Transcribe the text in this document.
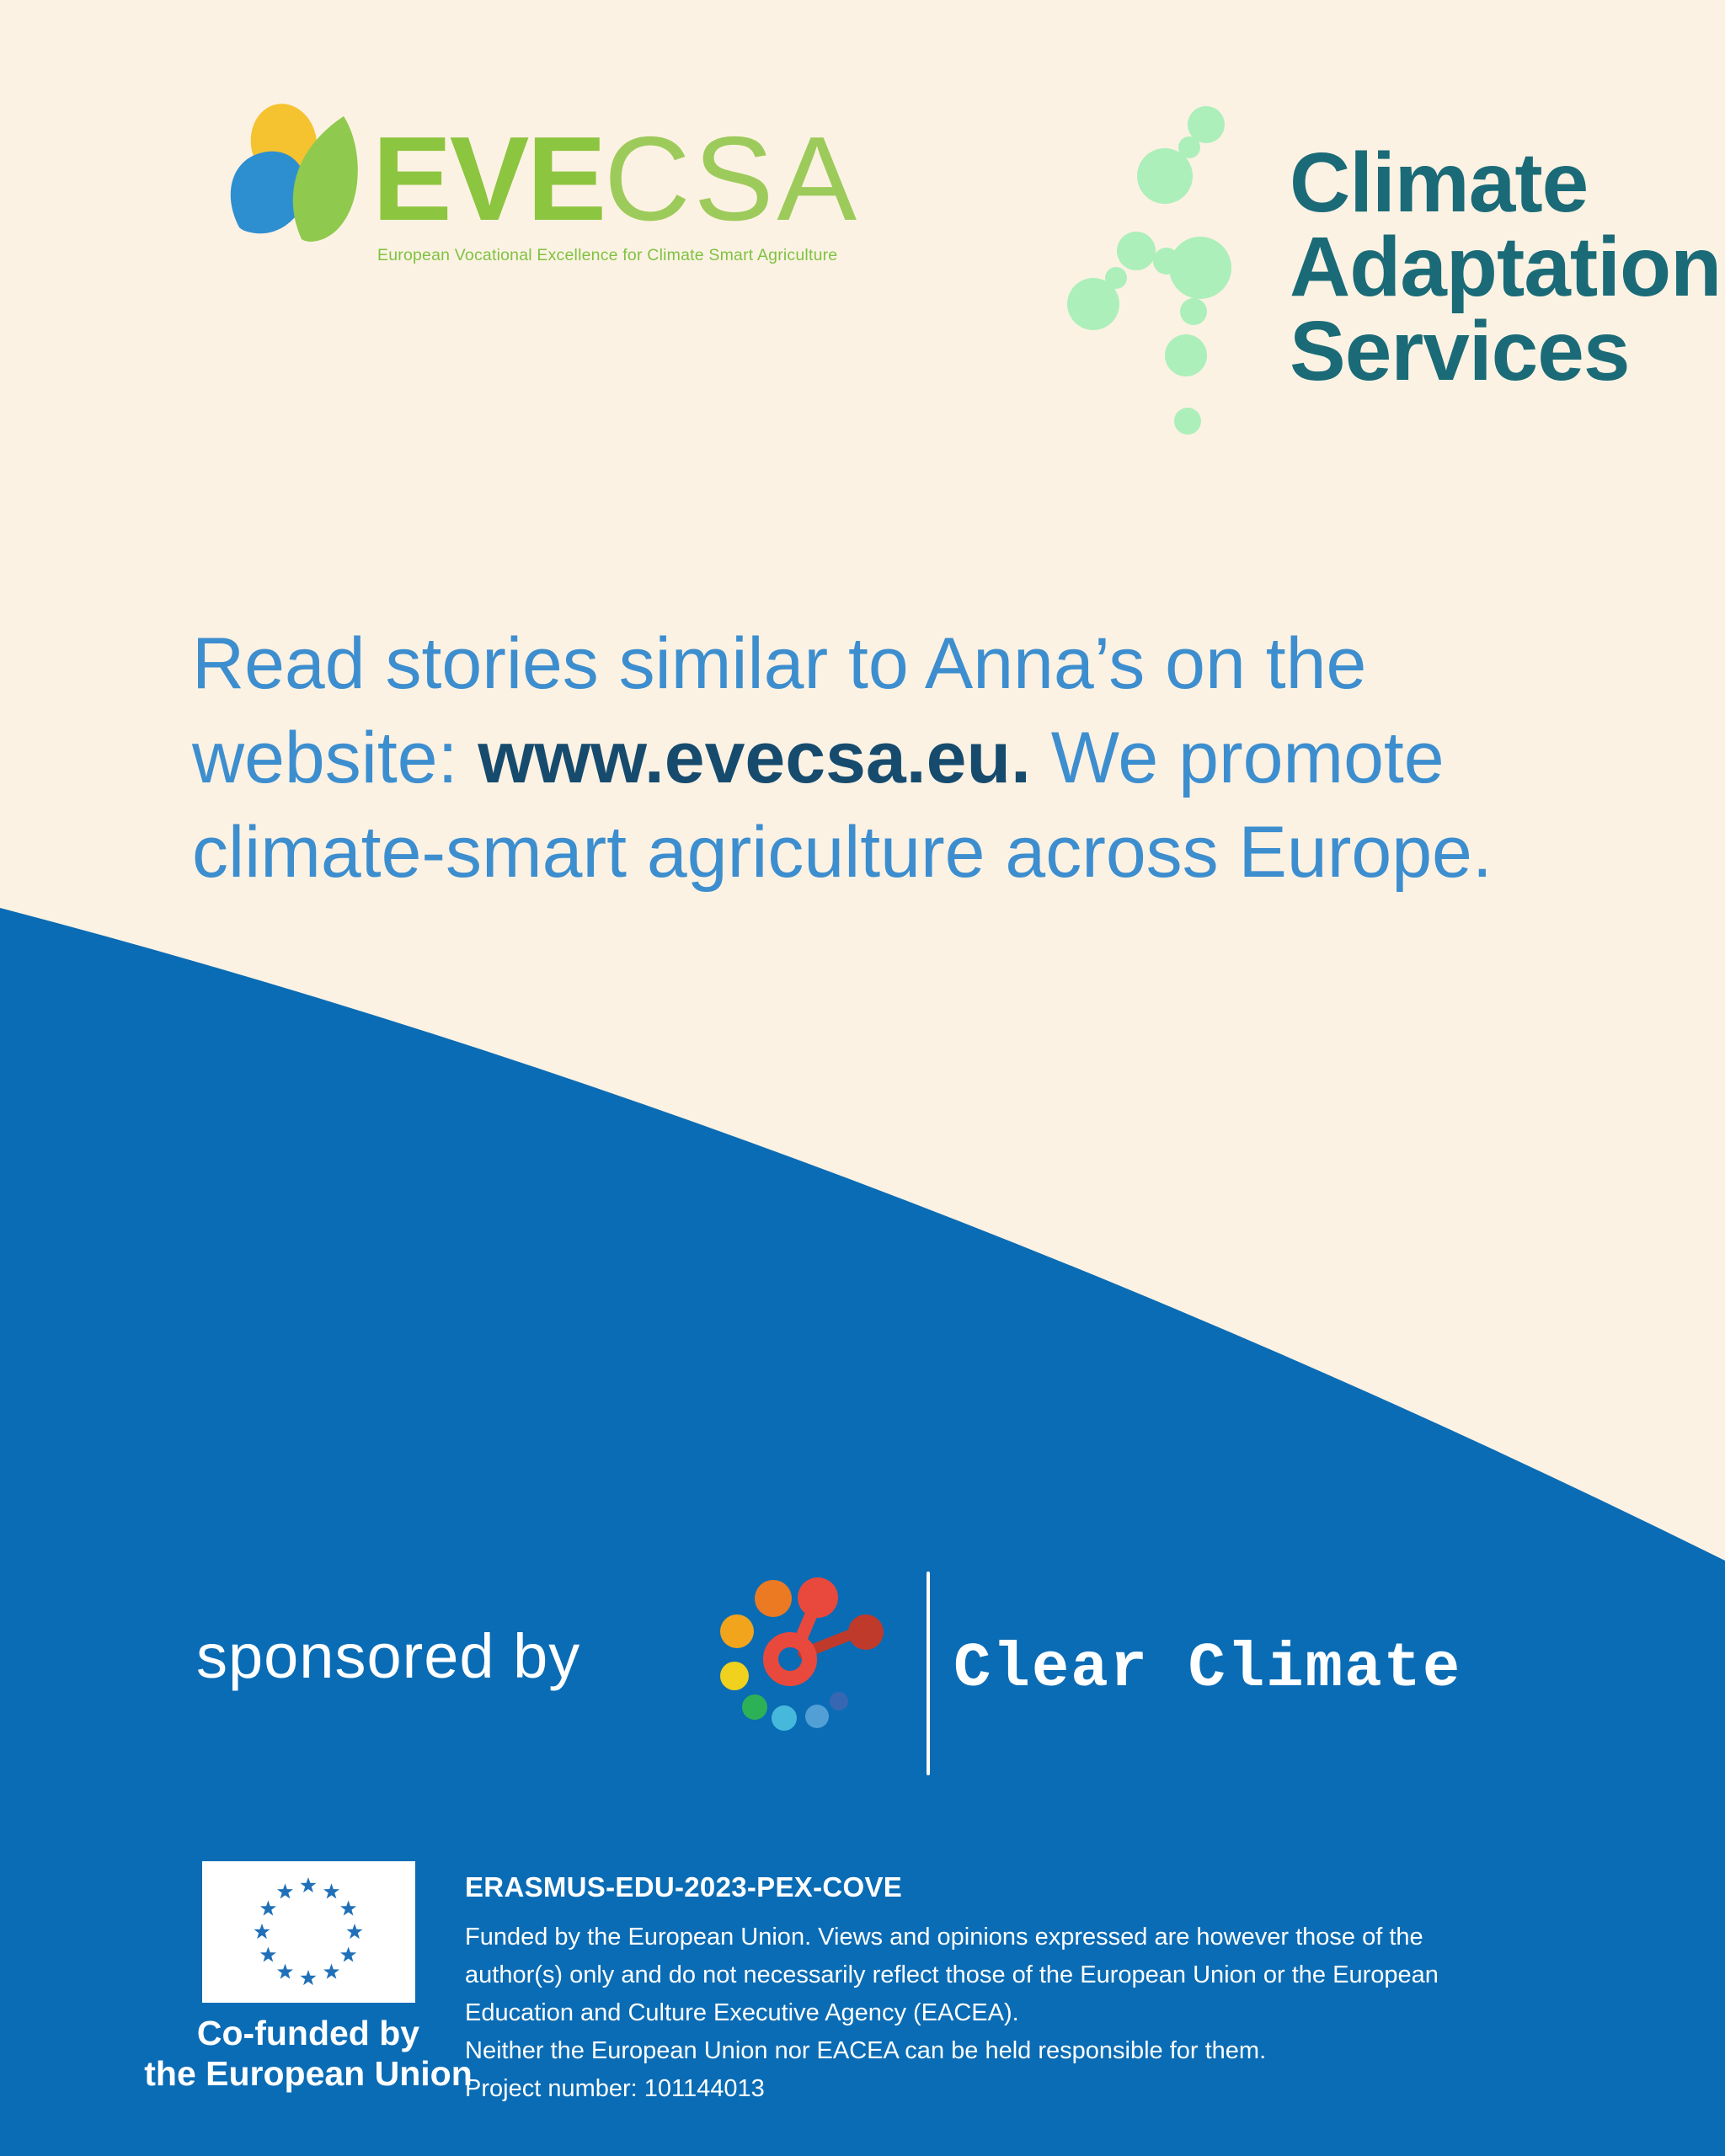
EVECSA
European Vocational Excellence for Climate Smart Agriculture
Climate
Adaptation
Services
Read stories similar to Anna’s on the
website: www.evecsa.eu. We promote
climate-smart agriculture across Europe.
sponsored by	Clear Climate
Co-funded by
the European Union

ERASMUS-EDU-2023-PEX-COVE

Funded by the European Union. Views and opinions expressed are however those of the
author(s) only and do not necessarily reflect those of the European Union or the European
Education and Culture Executive Agency (EACEA).
Neither the European Union nor EACEA can be held responsible for them.
Project number: 101144013
